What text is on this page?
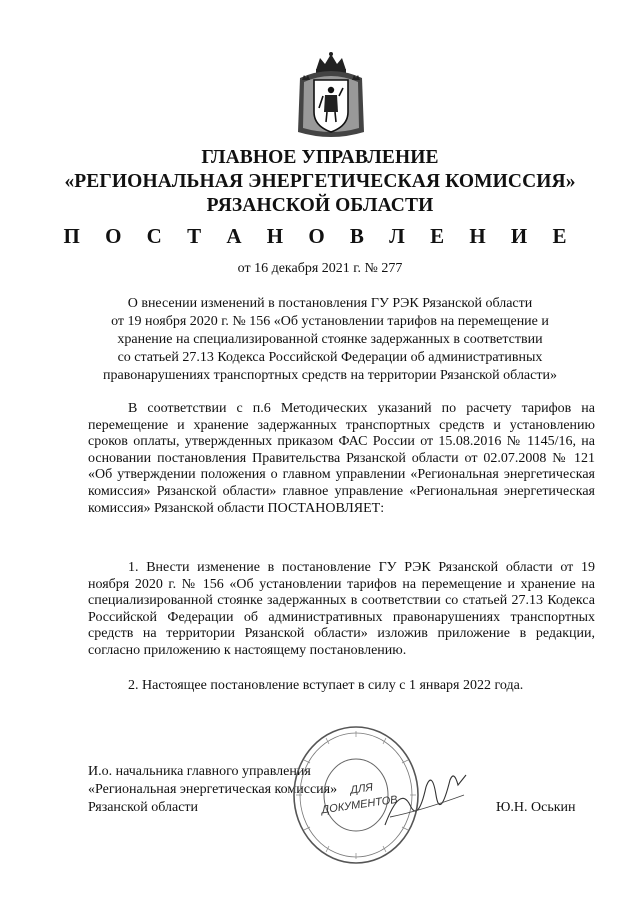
ГЛАВНОЕ УПРАВЛЕНИЕ
«РЕГИОНАЛЬНАЯ ЭНЕРГЕТИЧЕСКАЯ КОМИССИЯ»
РЯЗАНСКОЙ ОБЛАСТИ
П О С Т А Н О В Л Е Н И Е
от 16 декабря 2021 г. № 277
О внесении изменений в постановления ГУ РЭК Рязанской области
от 19 ноября 2020 г. № 156 «Об установлении тарифов на перемещение и
хранение на специализированной стоянке задержанных в соответствии
со статьей 27.13 Кодекса Российской Федерации об административных
правонарушениях транспортных средств на территории Рязанской области»
В соответствии с п.6 Методических указаний по расчету тарифов на перемещение и хранение задержанных транспортных средств и установлению сроков оплаты, утвержденных приказом ФАС России от 15.08.2016 № 1145/16, на основании постановления Правительства Рязанской области от 02.07.2008 № 121 «Об утверждении положения о главном управлении «Региональная энергетическая комиссия» Рязанской области» главное управление «Региональная энергетическая комиссия» Рязанской области ПОСТАНОВЛЯЕТ:
1. Внести изменение в постановление ГУ РЭК Рязанской области от 19 ноября 2020 г. № 156 «Об установлении тарифов на перемещение и хранение на специализированной стоянке задержанных в соответствии со статьей 27.13 Кодекса Российской Федерации об административных правонарушениях транспортных средств на территории Рязанской области» изложив приложение в редакции, согласно приложению к настоящему постановлению.
2. Настоящее постановление вступает в силу с 1 января 2022 года.
И.о. начальника главного управления
«Региональная энергетическая комиссия»
Рязанской области	Ю.Н. Оськин
ДЛЯ
ДОКУМЕНТОВ
